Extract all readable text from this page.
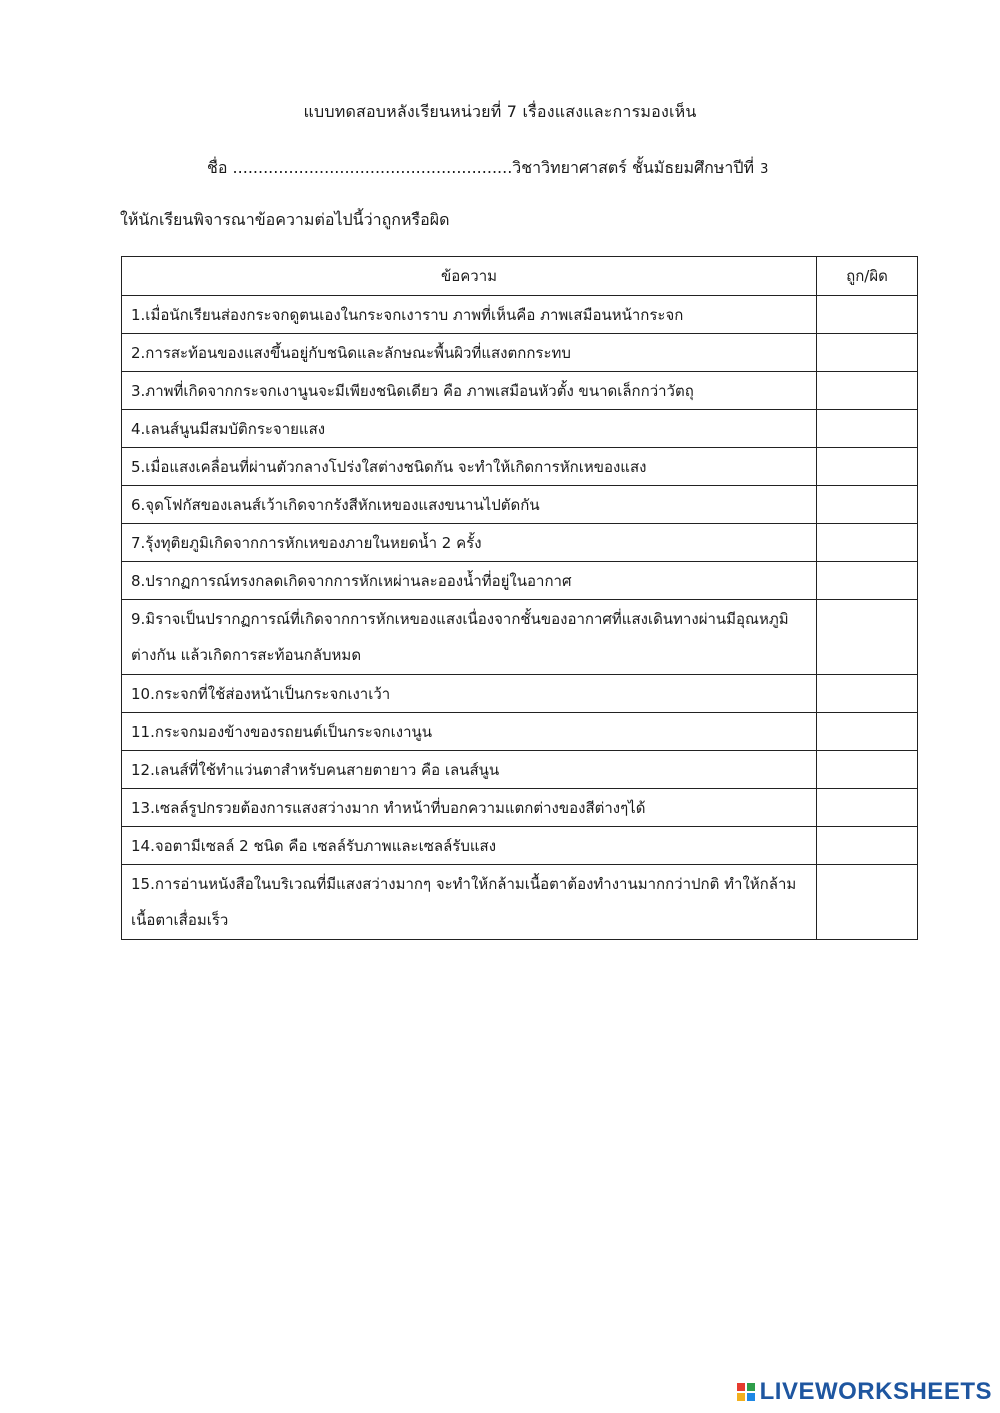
แบบทดสอบหลังเรียนหน่วยที่ 7 เรื่องแสงและการมองเห็น
ชื่อ .......................................................วิชาวิทยาศาสตร์ ชั้นมัธยมศึกษาปีที่ 3
ให้นักเรียนพิจารณาข้อความต่อไปนี้ว่าถูกหรือผิด
ข้อความ	ถูก/ผิด
1.เมื่อนักเรียนส่องกระจกดูตนเองในกระจกเงาราบ ภาพที่เห็นคือ ภาพเสมือนหน้ากระจก	
2.การสะท้อนของแสงขึ้นอยู่กับชนิดและลักษณะพื้นผิวที่แสงตกกระทบ	
3.ภาพที่เกิดจากกระจกเงานูนจะมีเพียงชนิดเดียว คือ ภาพเสมือนหัวตั้ง ขนาดเล็กกว่าวัตถุ	
4.เลนส์นูนมีสมบัติกระจายแสง	
5.เมื่อแสงเคลื่อนที่ผ่านตัวกลางโปร่งใสต่างชนิดกัน จะทำให้เกิดการหักเหของแสง	
6.จุดโฟกัสของเลนส์เว้าเกิดจากรังสีหักเหของแสงขนานไปตัดกัน	
7.รุ้งทุติยภูมิเกิดจากการหักเหของภายในหยดน้ำ 2 ครั้ง	
8.ปรากฏการณ์ทรงกลดเกิดจากการหักเหผ่านละอองน้ำที่อยู่ในอากาศ	
9.มิราจเป็นปรากฏการณ์ที่เกิดจากการหักเหของแสงเนื่องจากชั้นของอากาศที่แสงเดินทางผ่านมีอุณหภูมิต่างกัน แล้วเกิดการสะท้อนกลับหมด	
10.กระจกที่ใช้ส่องหน้าเป็นกระจกเงาเว้า	
11.กระจกมองข้างของรถยนต์เป็นกระจกเงานูน	
12.เลนส์ที่ใช้ทำแว่นตาสำหรับคนสายตายาว คือ เลนส์นูน	
13.เซลล์รูปกรวยต้องการแสงสว่างมาก ทำหน้าที่บอกความแตกต่างของสีต่างๆได้	
14.จอตามีเซลล์ 2 ชนิด คือ เซลล์รับภาพและเซลล์รับแสง	
15.การอ่านหนังสือในบริเวณที่มีแสงสว่างมากๆ จะทำให้กล้ามเนื้อตาต้องทำงานมากกว่าปกติ ทำให้กล้ามเนื้อตาเสื่อมเร็ว	
LIVEWORKSHEETS
